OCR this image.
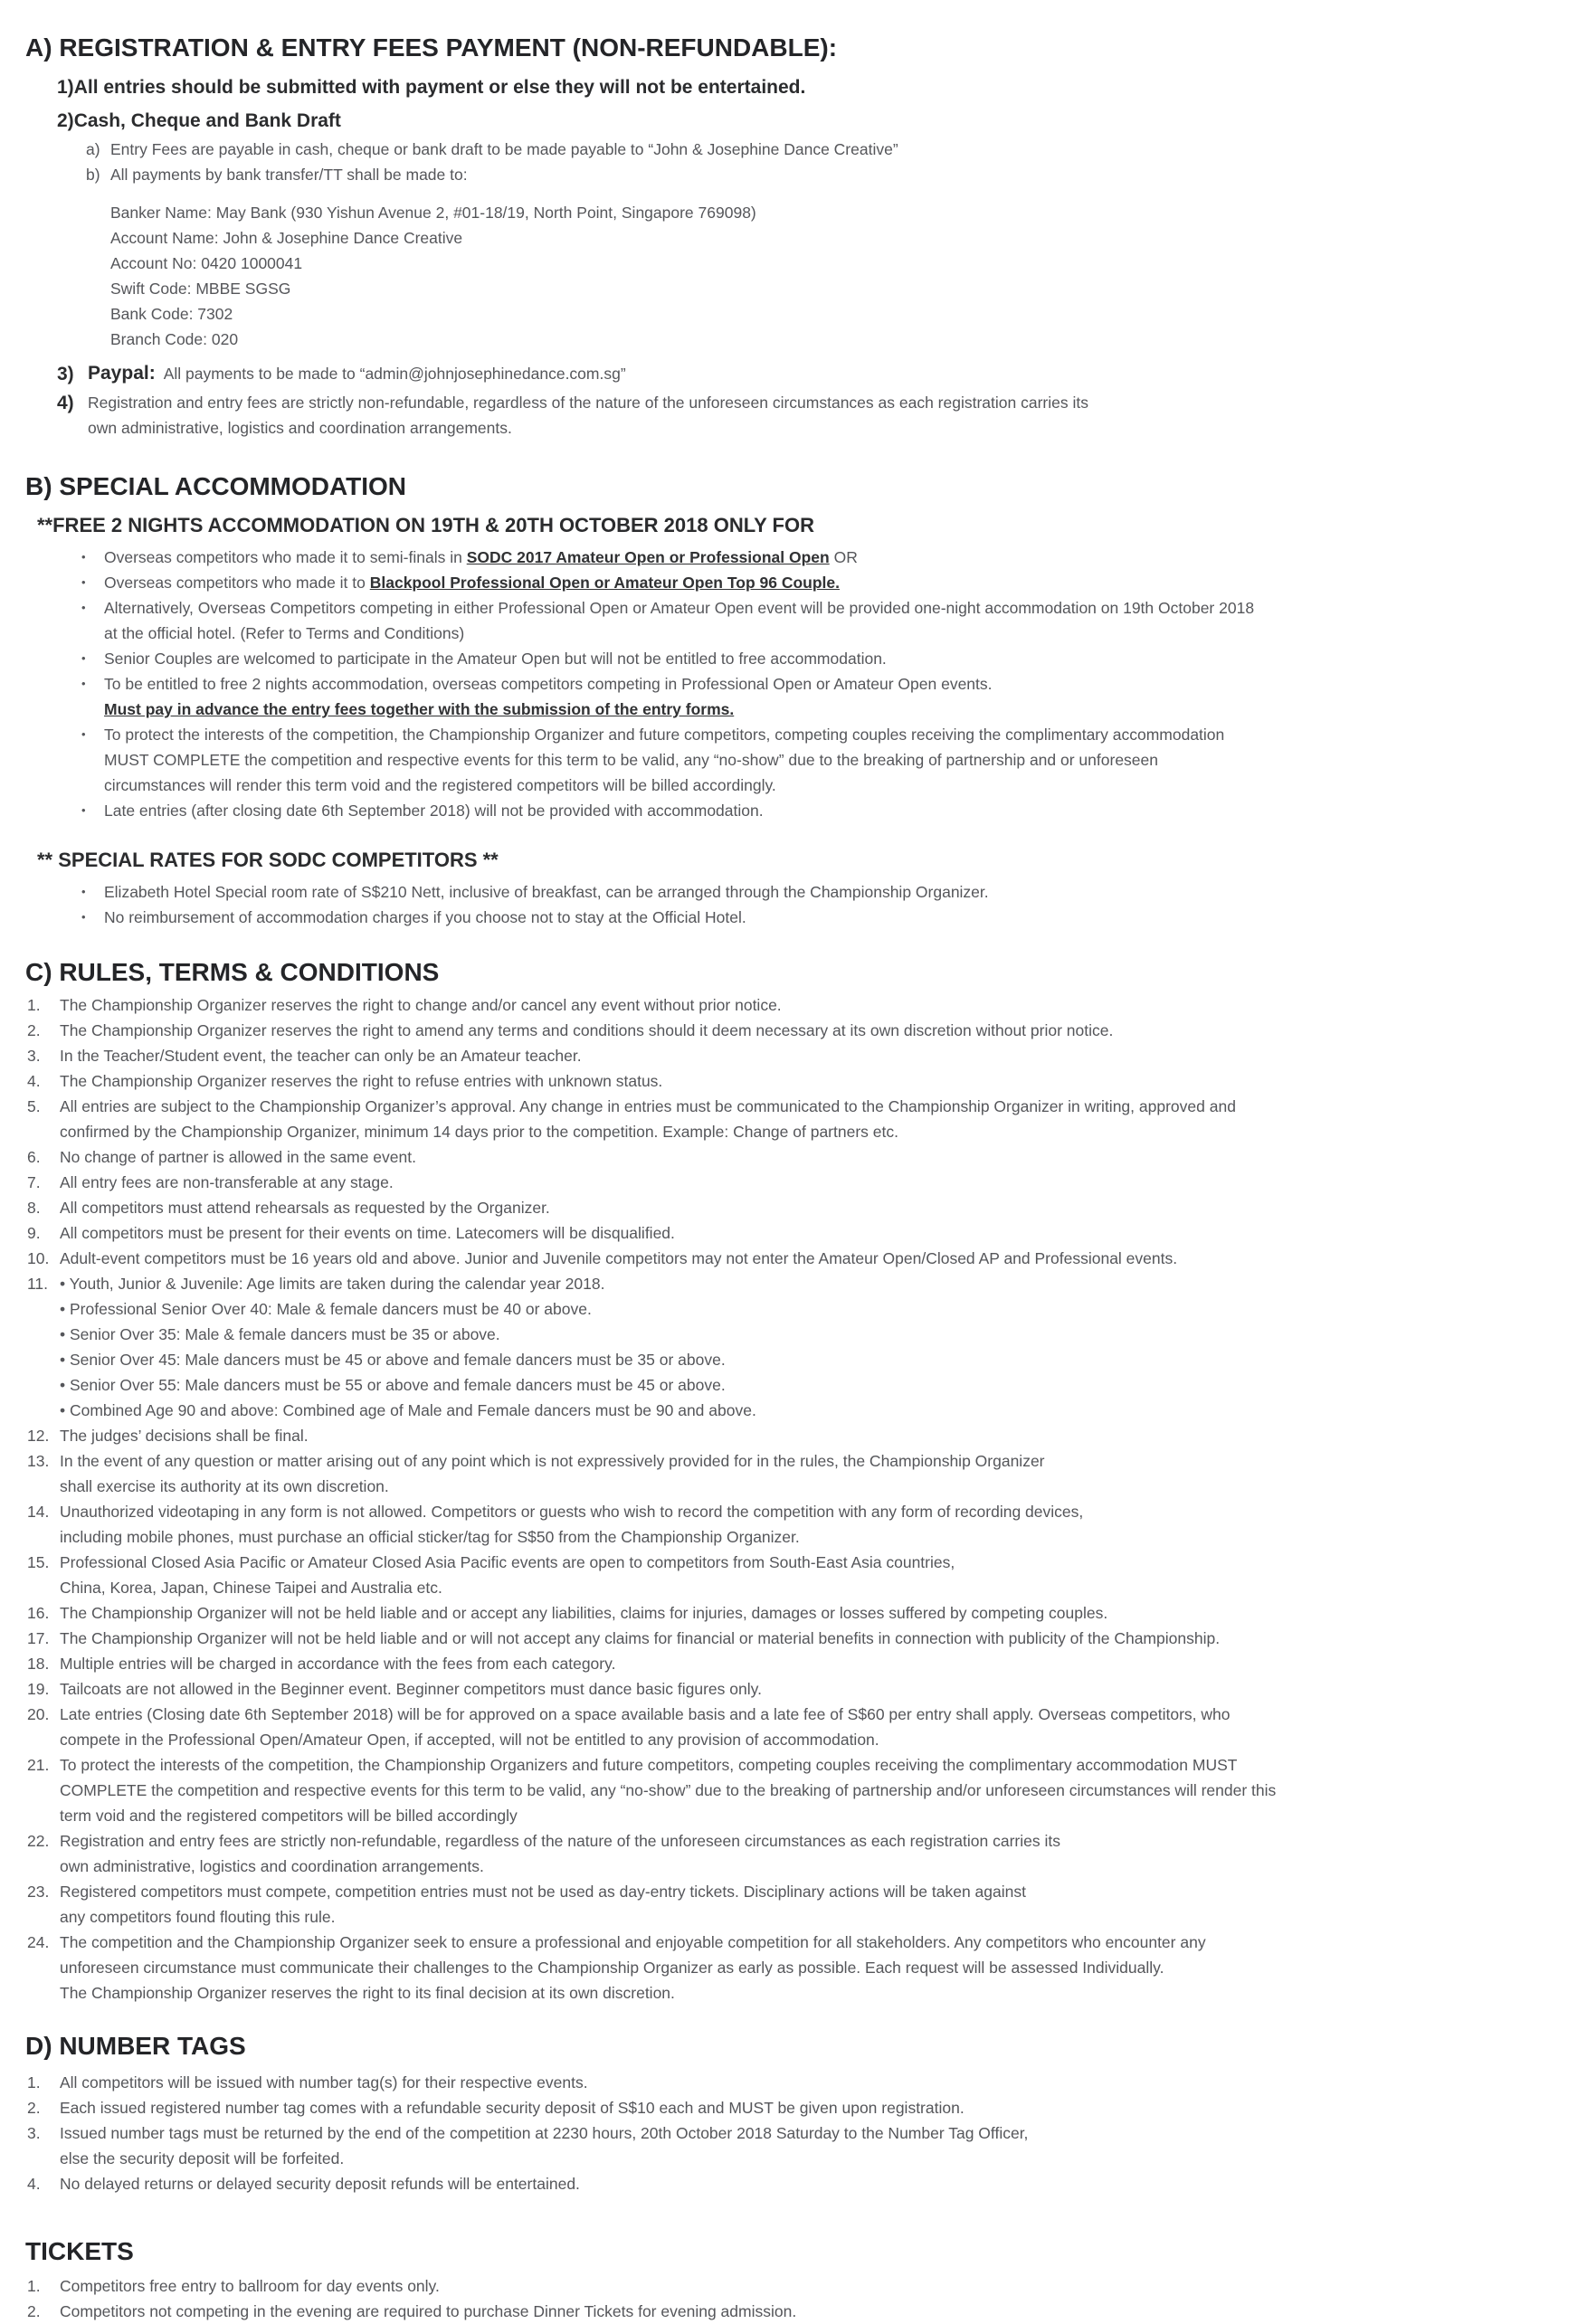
A) REGISTRATION & ENTRY FEES PAYMENT (NON-REFUNDABLE):
1)All entries should be submitted with payment or else they will not be entertained.
2)Cash, Cheque and Bank Draft
a) Entry Fees are payable in cash, cheque or bank draft to be made payable to “John & Josephine Dance Creative”
b) All payments by bank transfer/TT shall be made to:
Banker Name: May Bank (930 Yishun Avenue 2, #01-18/19, North Point, Singapore 769098)
Account Name: John & Josephine Dance Creative
Account No: 0420 1000041
Swift Code: MBBE SGSG
Bank Code: 7302
Branch Code: 020
3) Paypal: All payments to be made to “admin@johnjosephinedance.com.sg”
4) Registration and entry fees are strictly non-refundable, regardless of the nature of the unforeseen circumstances as each registration carries its
own administrative, logistics and coordination arrangements.
B) SPECIAL ACCOMMODATION
**FREE 2 NIGHTS ACCOMMODATION ON 19TH & 20TH OCTOBER 2018 ONLY FOR
• Overseas competitors who made it to semi-finals in SODC 2017 Amateur Open or Professional Open OR
• Overseas competitors who made it to Blackpool Professional Open or Amateur Open Top 96 Couple.
• Alternatively, Overseas Competitors competing in either Professional Open or Amateur Open event will be provided one-night accommodation on 19th October 2018
at the official hotel. (Refer to Terms and Conditions)
• Senior Couples are welcomed to participate in the Amateur Open but will not be entitled to free accommodation.
• To be entitled to free 2 nights accommodation, overseas competitors competing in Professional Open or Amateur Open events.
Must pay in advance the entry fees together with the submission of the entry forms.
• To protect the interests of the competition, the Championship Organizer and future competitors, competing couples receiving the complimentary accommodation
MUST COMPLETE the competition and respective events for this term to be valid, any “no-show” due to the breaking of partnership and or unforeseen
circumstances will render this term void and the registered competitors will be billed accordingly.
• Late entries (after closing date 6th September 2018) will not be provided with accommodation.
** SPECIAL RATES FOR SODC COMPETITORS **
• Elizabeth Hotel Special room rate of S$210 Nett, inclusive of breakfast, can be arranged through the Championship Organizer.
• No reimbursement of accommodation charges if you choose not to stay at the Official Hotel.
C) RULES, TERMS & CONDITIONS
1. The Championship Organizer reserves the right to change and/or cancel any event without prior notice.
2. The Championship Organizer reserves the right to amend any terms and conditions should it deem necessary at its own discretion without prior notice.
3. In the Teacher/Student event, the teacher can only be an Amateur teacher.
4. The Championship Organizer reserves the right to refuse entries with unknown status.
5. All entries are subject to the Championship Organizer’s approval. Any change in entries must be communicated to the Championship Organizer in writing, approved and
confirmed by the Championship Organizer, minimum 14 days prior to the competition. Example: Change of partners etc.
6. No change of partner is allowed in the same event.
7. All entry fees are non-transferable at any stage.
8. All competitors must attend rehearsals as requested by the Organizer.
9. All competitors must be present for their events on time. Latecomers will be disqualified.
10. Adult-event competitors must be 16 years old and above. Junior and Juvenile competitors may not enter the Amateur Open/Closed AP and Professional events.
11. • Youth, Junior & Juvenile: Age limits are taken during the calendar year 2018.
• Professional Senior Over 40: Male & female dancers must be 40 or above.
• Senior Over 35: Male & female dancers must be 35 or above.
• Senior Over 45: Male dancers must be 45 or above and female dancers must be 35 or above.
• Senior Over 55: Male dancers must be 55 or above and female dancers must be 45 or above.
• Combined Age 90 and above: Combined age of Male and Female dancers must be 90 and above.
12. The judges’ decisions shall be final.
13. In the event of any question or matter arising out of any point which is not expressively provided for in the rules, the Championship Organizer
shall exercise its authority at its own discretion.
14. Unauthorized videotaping in any form is not allowed. Competitors or guests who wish to record the competition with any form of recording devices,
including mobile phones, must purchase an official sticker/tag for S$50 from the Championship Organizer.
15. Professional Closed Asia Pacific or Amateur Closed Asia Pacific events are open to competitors from South-East Asia countries,
China, Korea, Japan, Chinese Taipei and Australia etc.
16. The Championship Organizer will not be held liable and or accept any liabilities, claims for injuries, damages or losses suffered by competing couples.
17. The Championship Organizer will not be held liable and or will not accept any claims for financial or material benefits in connection with publicity of the Championship.
18. Multiple entries will be charged in accordance with the fees from each category.
19. Tailcoats are not allowed in the Beginner event. Beginner competitors must dance basic figures only.
20. Late entries (Closing date 6th September 2018) will be for approved on a space available basis and a late fee of S$60 per entry shall apply. Overseas competitors, who
compete in the Professional Open/Amateur Open, if accepted, will not be entitled to any provision of accommodation.
21. To protect the interests of the competition, the Championship Organizers and future competitors, competing couples receiving the complimentary accommodation MUST
COMPLETE the competition and respective events for this term to be valid, any “no-show” due to the breaking of partnership and/or unforeseen circumstances will render this
term void and the registered competitors will be billed accordingly
22. Registration and entry fees are strictly non-refundable, regardless of the nature of the unforeseen circumstances as each registration carries its
own administrative, logistics and coordination arrangements.
23. Registered competitors must compete, competition entries must not be used as day-entry tickets. Disciplinary actions will be taken against
any competitors found flouting this rule.
24. The competition and the Championship Organizer seek to ensure a professional and enjoyable competition for all stakeholders. Any competitors who encounter any
unforeseen circumstance must communicate their challenges to the Championship Organizer as early as possible. Each request will be assessed Individually.
The Championship Organizer reserves the right to its final decision at its own discretion.
D) NUMBER TAGS
1. All competitors will be issued with number tag(s) for their respective events.
2. Each issued registered number tag comes with a refundable security deposit of S$10 each and MUST be given upon registration.
3. Issued number tags must be returned by the end of the competition at 2230 hours, 20th October 2018 Saturday to the Number Tag Officer,
else the security deposit will be forfeited.
4. No delayed returns or delayed security deposit refunds will be entertained.
TICKETS
1. Competitors free entry to ballroom for day events only.
2. Competitors not competing in the evening are required to purchase Dinner Tickets for evening admission.
